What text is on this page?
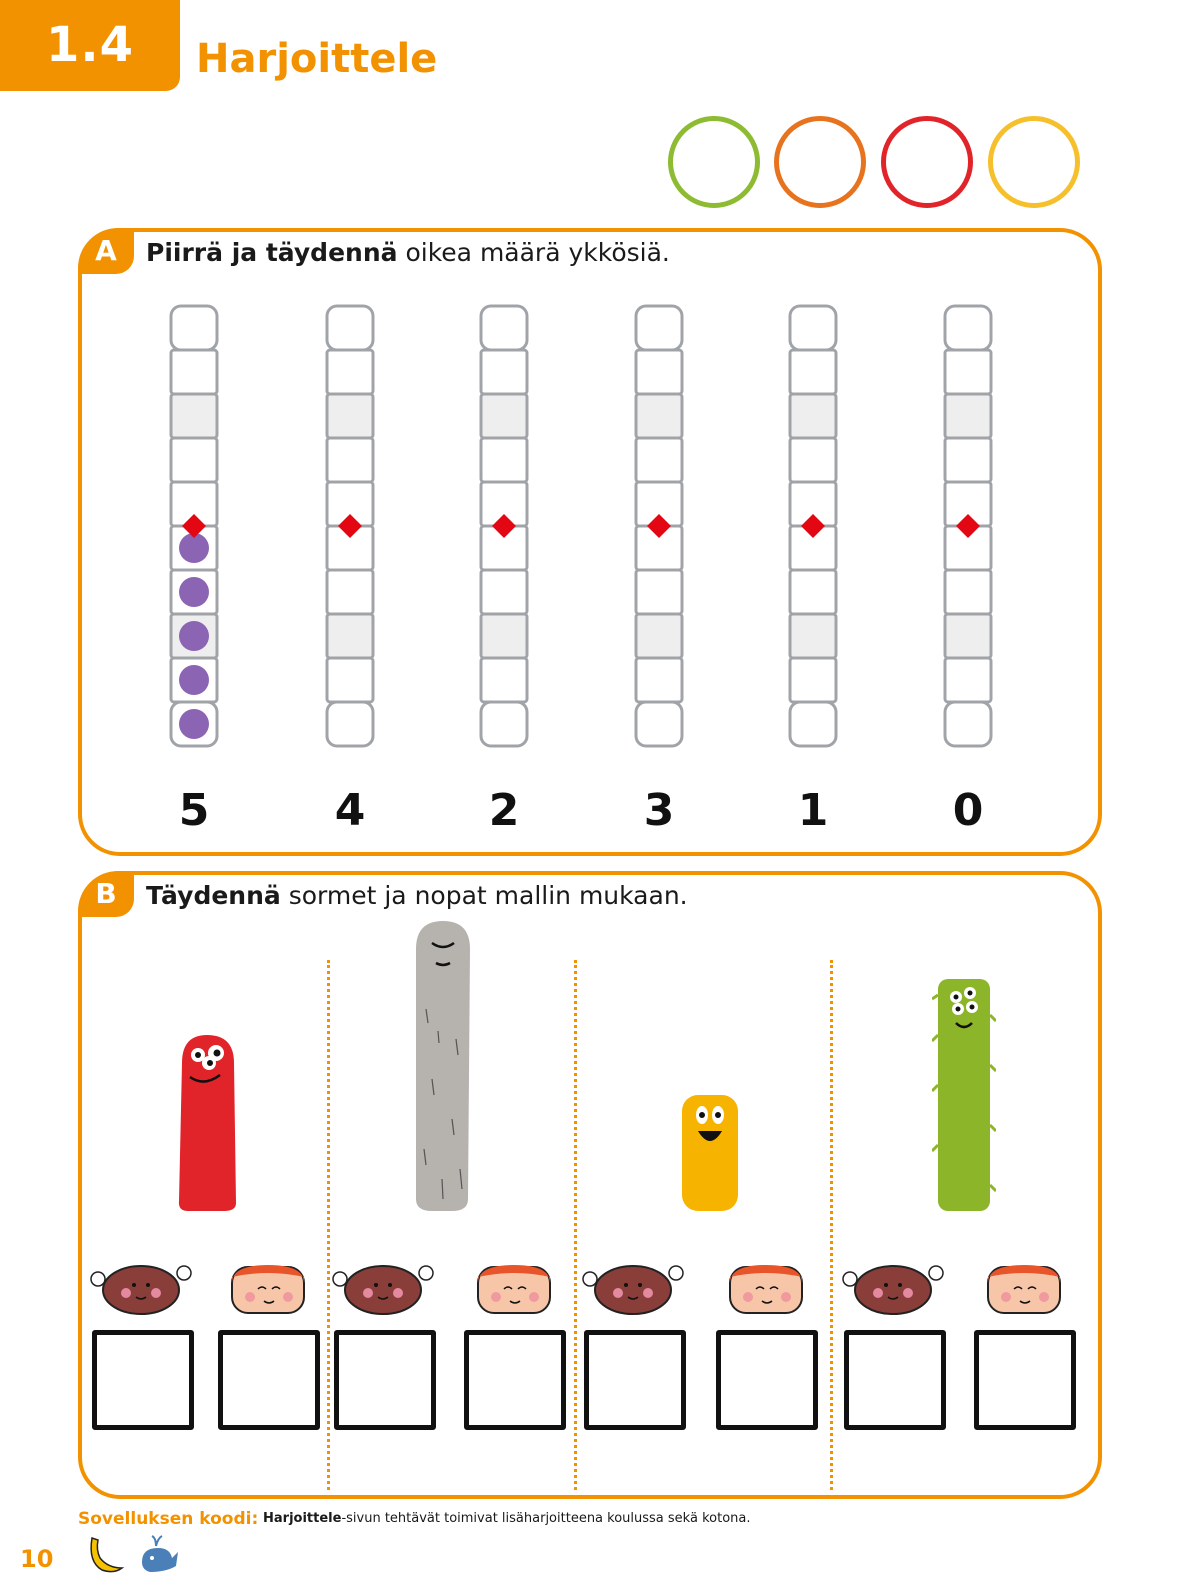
1.4	Harjoittele
A	Piirrä ja täydennä oikea määrä ykkösiä.
5	4	2	3	1	0
B	Täydennä sormet ja nopat mallin mukaan.
Sovelluksen koodi: Harjoittele-sivun tehtävät toimivat lisäharjoitteena koulussa sekä kotona.
10
